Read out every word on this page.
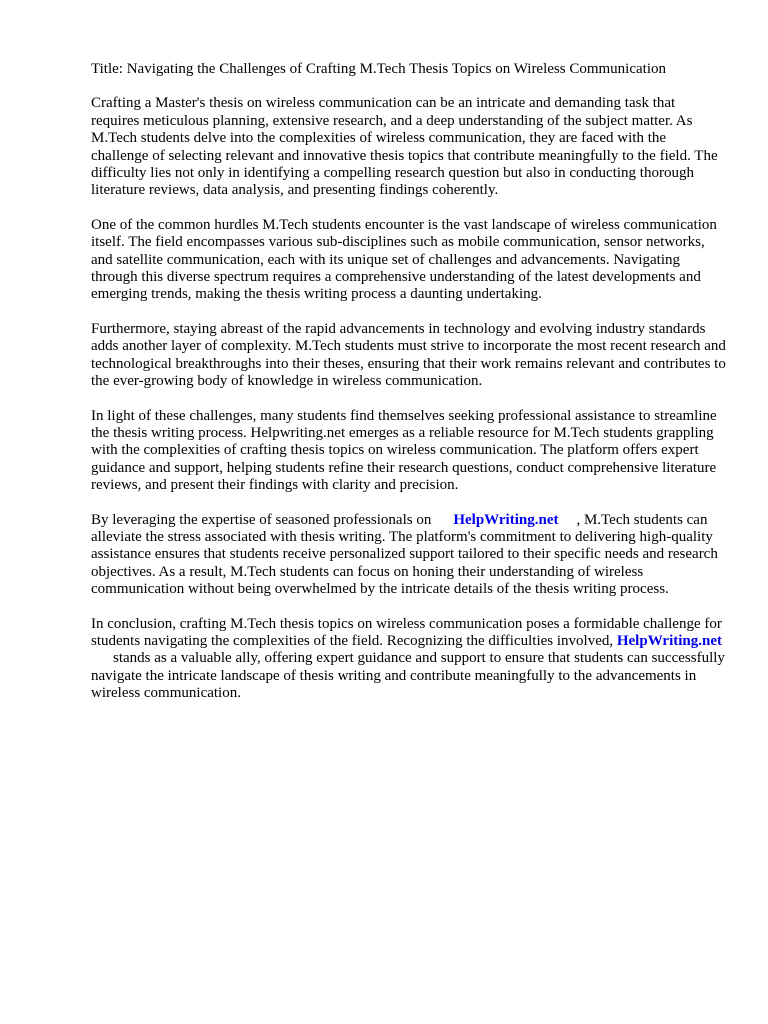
Title: Navigating the Challenges of Crafting M.Tech Thesis Topics on Wireless Communication

Crafting a Master's thesis on wireless communication can be an intricate and demanding task that requires meticulous planning, extensive research, and a deep understanding of the subject matter. As M.Tech students delve into the complexities of wireless communication, they are faced with the challenge of selecting relevant and innovative thesis topics that contribute meaningfully to the field. The difficulty lies not only in identifying a compelling research question but also in conducting thorough literature reviews, data analysis, and presenting findings coherently.

One of the common hurdles M.Tech students encounter is the vast landscape of wireless communication itself. The field encompasses various sub-disciplines such as mobile communication, sensor networks, and satellite communication, each with its unique set of challenges and advancements. Navigating through this diverse spectrum requires a comprehensive understanding of the latest developments and emerging trends, making the thesis writing process a daunting undertaking.

Furthermore, staying abreast of the rapid advancements in technology and evolving industry standards adds another layer of complexity. M.Tech students must strive to incorporate the most recent research and technological breakthroughs into their theses, ensuring that their work remains relevant and contributes to the ever-growing body of knowledge in wireless communication.

In light of these challenges, many students find themselves seeking professional assistance to streamline the thesis writing process. Helpwriting.net emerges as a reliable resource for M.Tech students grappling with the complexities of crafting thesis topics on wireless communication. The platform offers expert guidance and support, helping students refine their research questions, conduct comprehensive literature reviews, and present their findings with clarity and precision.

By leveraging the expertise of seasoned professionals on HelpWriting.net , M.Tech students can alleviate the stress associated with thesis writing. The platform's commitment to delivering high-quality assistance ensures that students receive personalized support tailored to their specific needs and research objectives. As a result, M.Tech students can focus on honing their understanding of wireless communication without being overwhelmed by the intricate details of the thesis writing process.

In conclusion, crafting M.Tech thesis topics on wireless communication poses a formidable challenge for students navigating the complexities of the field. Recognizing the difficulties involved, HelpWriting.netstands as a valuable ally, offering expert guidance and support to ensure that students can successfully navigate the intricate landscape of thesis writing and contribute meaningfully to the advancements in wireless communication.
